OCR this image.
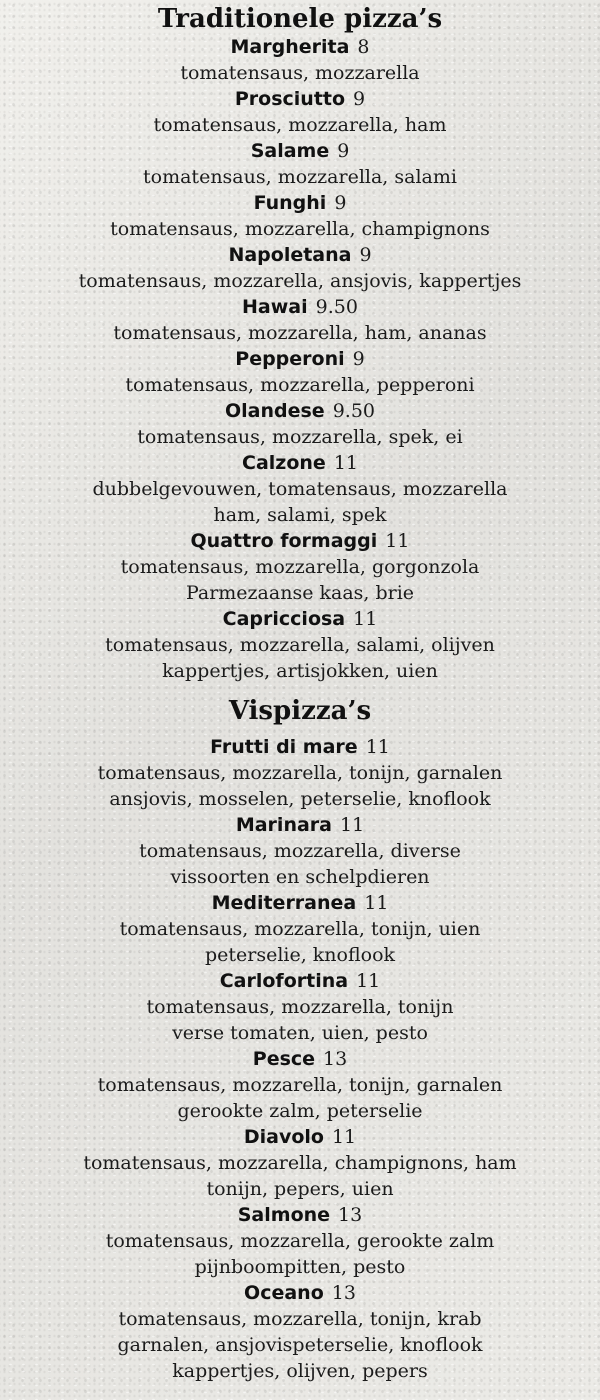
Traditionele pizza’s
Margherita 8
tomatensaus, mozzarella
Prosciutto 9
tomatensaus, mozzarella, ham
Salame 9
tomatensaus, mozzarella, salami
Funghi 9
tomatensaus, mozzarella, champignons
Napoletana 9
tomatensaus, mozzarella, ansjovis, kappertjes
Hawai 9.50
tomatensaus, mozzarella, ham, ananas
Pepperoni 9
tomatensaus, mozzarella, pepperoni
Olandese 9.50
tomatensaus, mozzarella, spek, ei
Calzone 11
dubbelgevouwen, tomatensaus, mozzarella
ham, salami, spek
Quattro formaggi 11
tomatensaus, mozzarella, gorgonzola
Parmezaanse kaas, brie
Capricciosa 11
tomatensaus, mozzarella, salami, olijven
kappertjes, artisjokken, uien
Vispizza’s
Frutti di mare 11
tomatensaus, mozzarella, tonijn, garnalen
ansjovis, mosselen, peterselie, knoflook
Marinara 11
tomatensaus, mozzarella, diverse
vissoorten en schelpdieren
Mediterranea 11
tomatensaus, mozzarella, tonijn, uien
peterselie, knoflook
Carlofortina 11
tomatensaus, mozzarella, tonijn
verse tomaten, uien, pesto
Pesce 13
tomatensaus, mozzarella, tonijn, garnalen
gerookte zalm, peterselie
Diavolo 11
tomatensaus, mozzarella, champignons, ham
tonijn, pepers, uien
Salmone 13
tomatensaus, mozzarella, gerookte zalm
pijnboompitten, pesto
Oceano 13
tomatensaus, mozzarella, tonijn, krab
garnalen, ansjovispeterselie, knoflook
kappertjes, olijven, pepers
